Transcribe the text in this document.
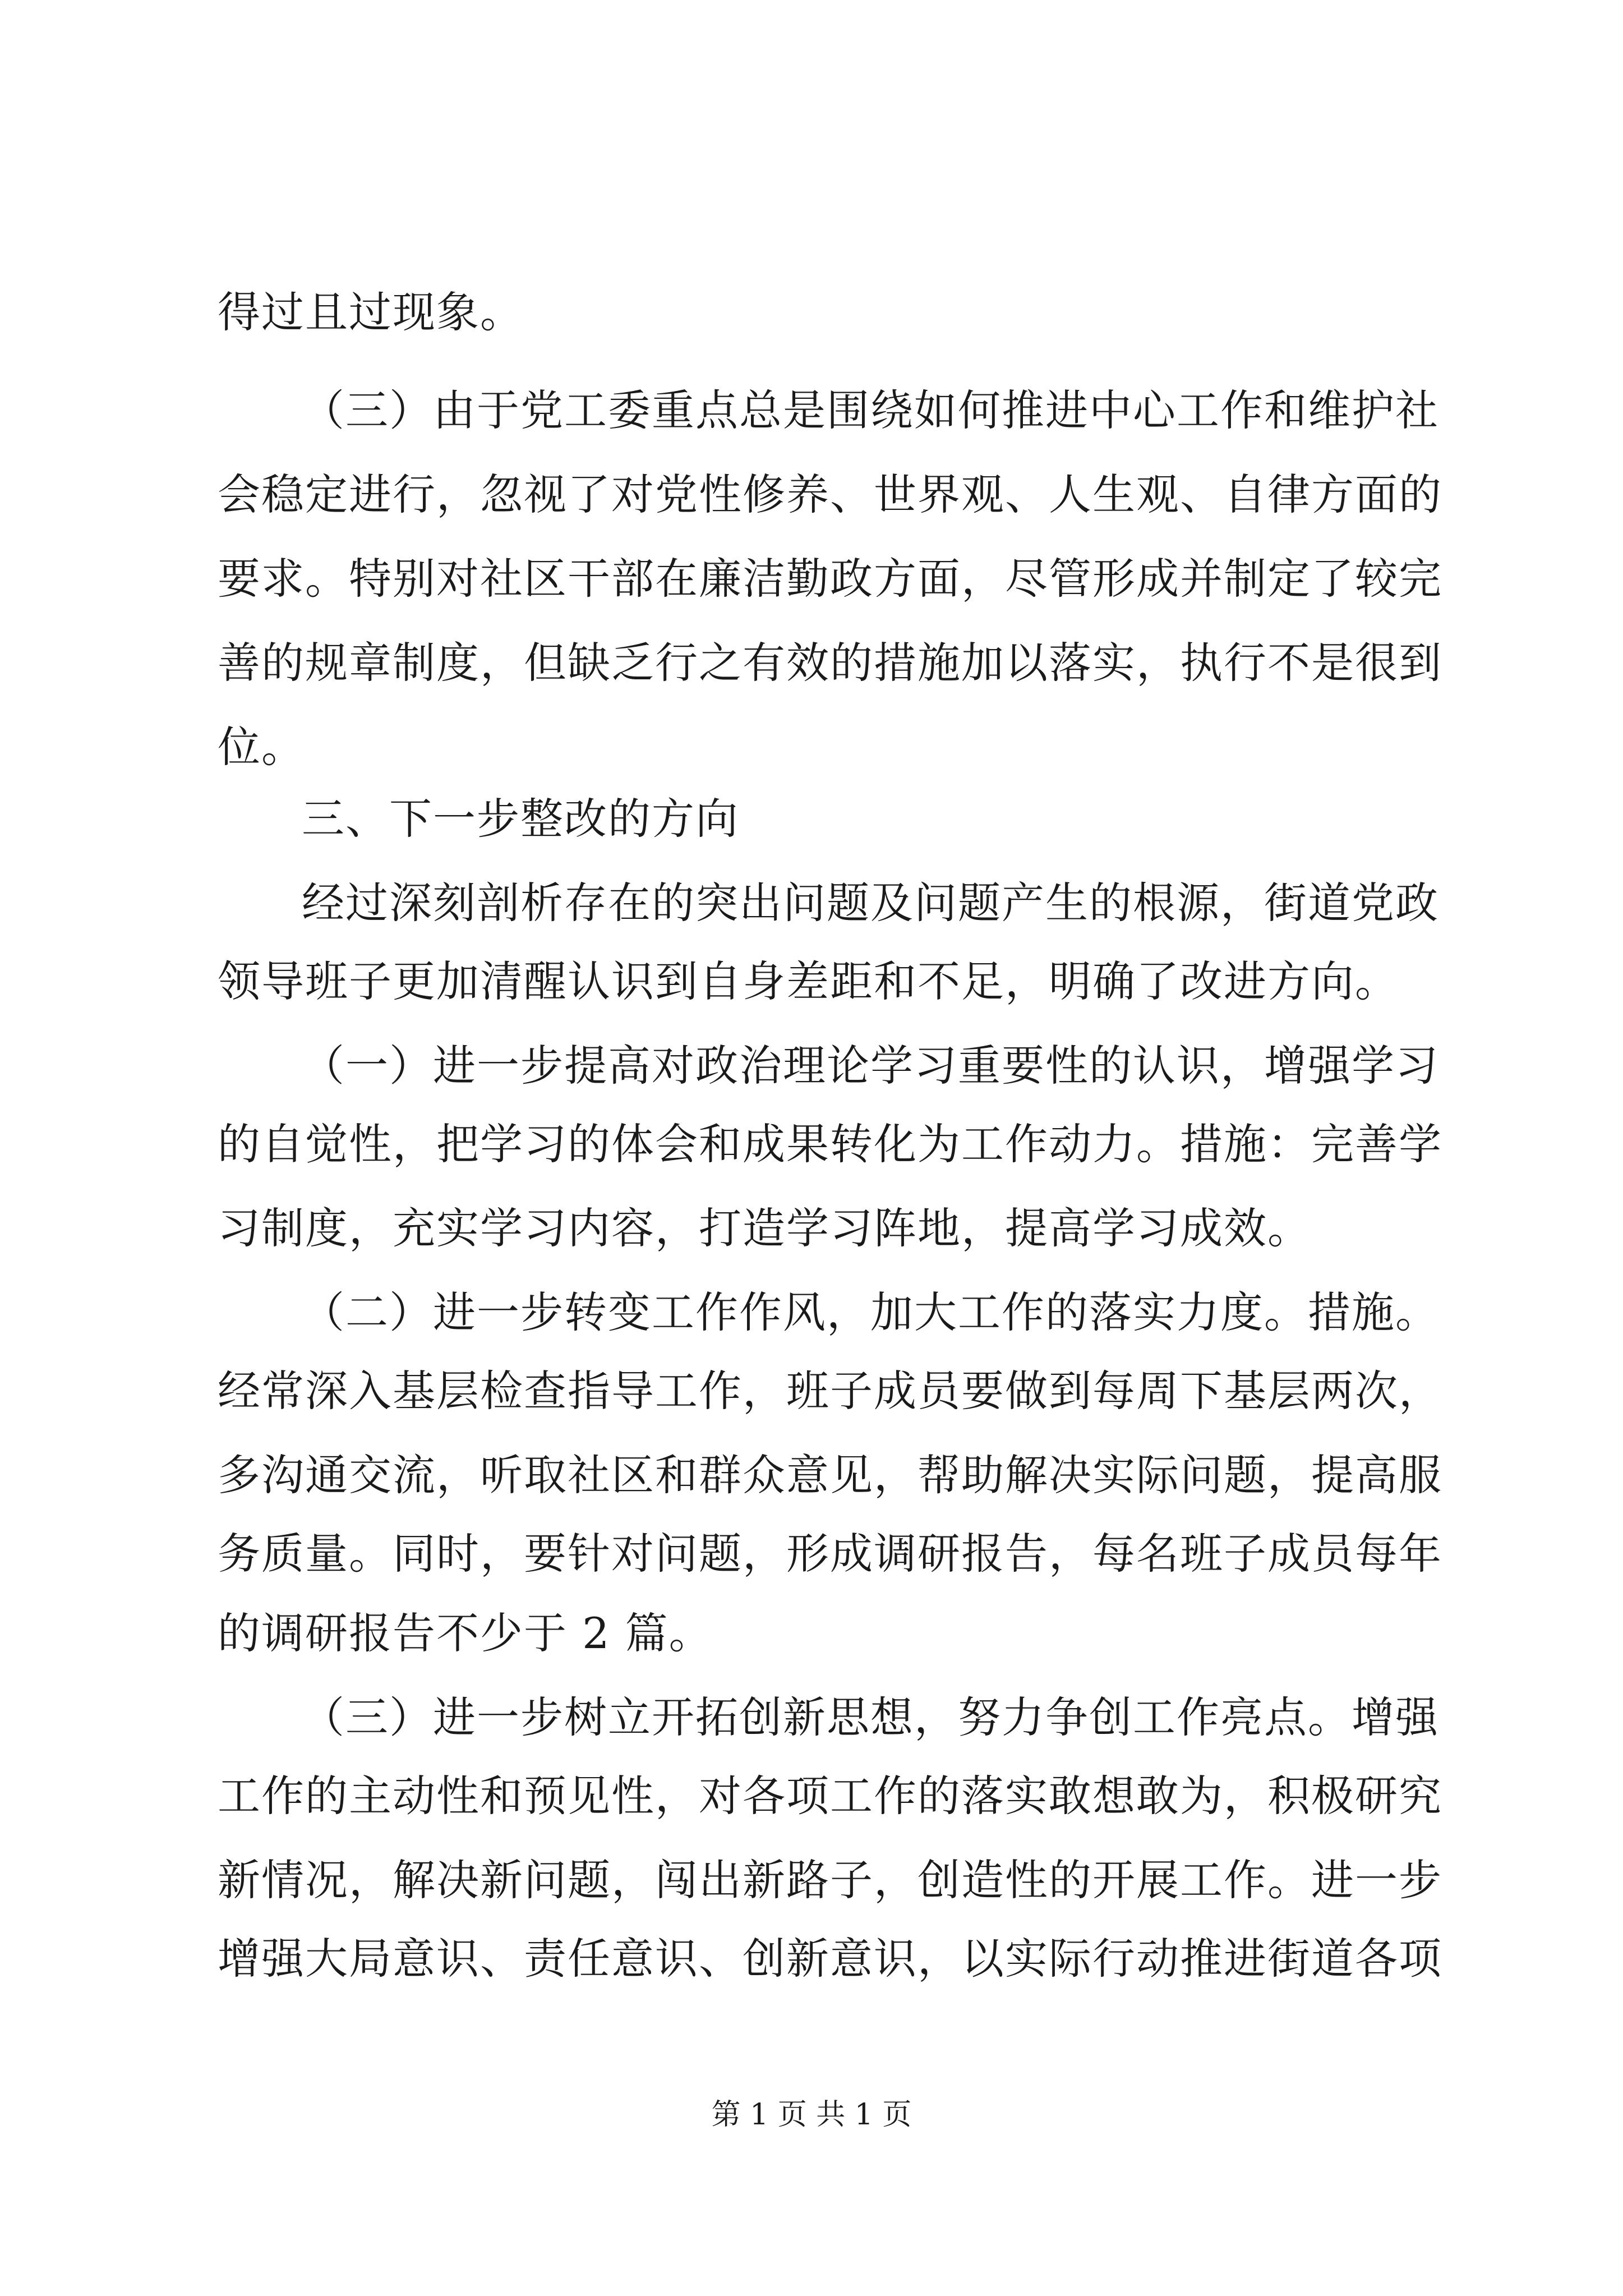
得过且过现象。
（三）由于党工委重点总是围绕如何推进中心工作和维护社
会稳定进行，忽视了对党性修养、世界观、人生观、自律方面的
要求。特别对社区干部在廉洁勤政方面，尽管形成并制定了较完
善的规章制度，但缺乏行之有效的措施加以落实，执行不是很到
位。
三、下一步整改的方向
经过深刻剖析存在的突出问题及问题产生的根源，街道党政
领导班子更加清醒认识到自身差距和不足，明确了改进方向。
（一）进一步提高对政治理论学习重要性的认识，增强学习
的自觉性，把学习的体会和成果转化为工作动力。措施：完善学
习制度，充实学习内容，打造学习阵地，提高学习成效。
（二）进一步转变工作作风，加大工作的落实力度。措施。
经常深入基层检查指导工作，班子成员要做到每周下基层两次，
多沟通交流，听取社区和群众意见，帮助解决实际问题，提高服
务质量。同时，要针对问题，形成调研报告，每名班子成员每年
的调研报告不少于 2 篇。
（三）进一步树立开拓创新思想，努力争创工作亮点。增强
工作的主动性和预见性，对各项工作的落实敢想敢为，积极研究
新情况，解决新问题，闯出新路子，创造性的开展工作。进一步
增强大局意识、责任意识、创新意识，以实际行动推进街道各项
第 1 页 共 1 页
